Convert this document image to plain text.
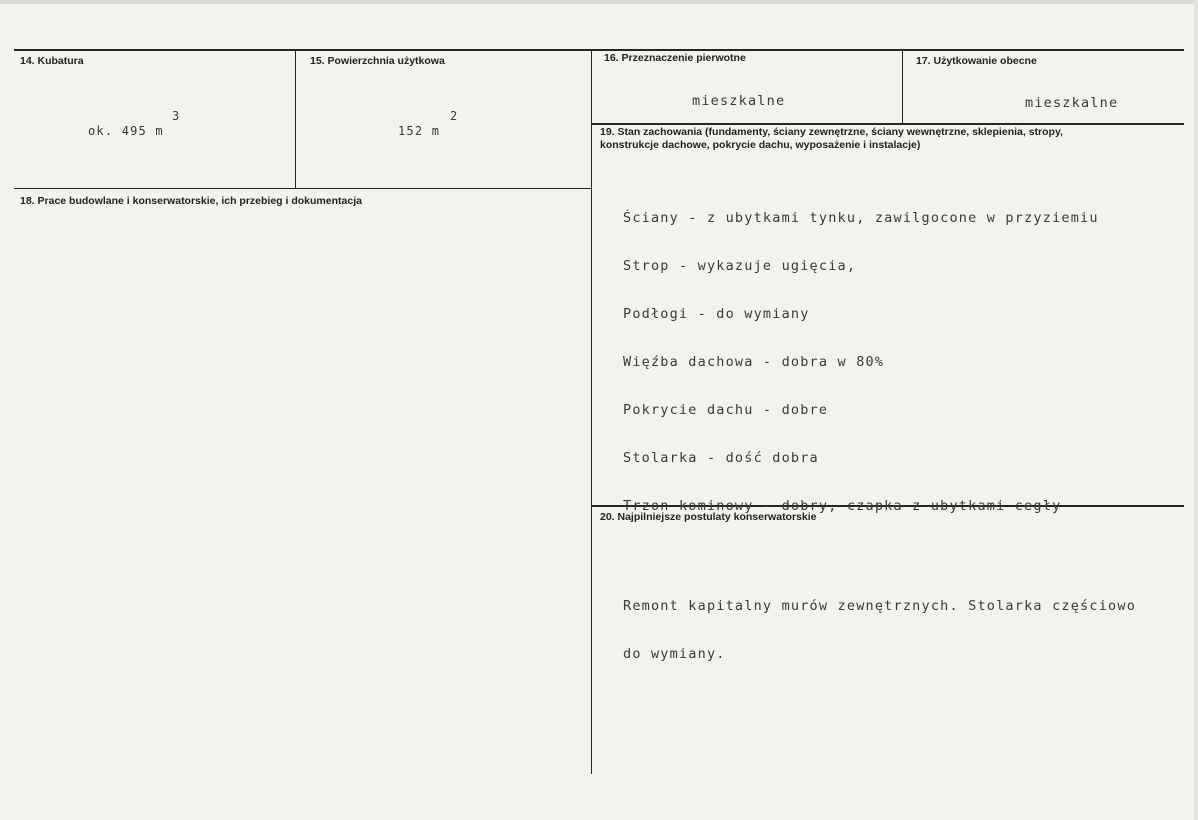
14. Kubatura
3
ok. 495 m
15. Powierzchnia użytkowa
2
152 m
16. Przeznaczenie pierwotne
mieszkalne
17. Użytkowanie obecne
mieszkalne
18. Prace budowlane i konserwatorskie, ich przebieg i dokumentacja
19. Stan zachowania (fundamenty, ściany zewnętrzne, ściany wewnętrzne, sklepienia, stropy, konstrukcje dachowe, pokrycie dachu, wyposażenie i instalacje)

Ściany - z ubytkami tynku, zawilgocone w przyziemiu

Strop - wykazuje ugięcia,

Podłogi - do wymiany

Więźba dachowa - dobra w 80%

Pokrycie dachu - dobre

Stolarka - dość dobra

Trzon kominowy - dobry, czapka z ubytkami cegły

20. Najpilniejsze postulaty konserwatorskie

Remont kapitalny murów zewnętrznych. Stolarka częściowo

do wymiany.
